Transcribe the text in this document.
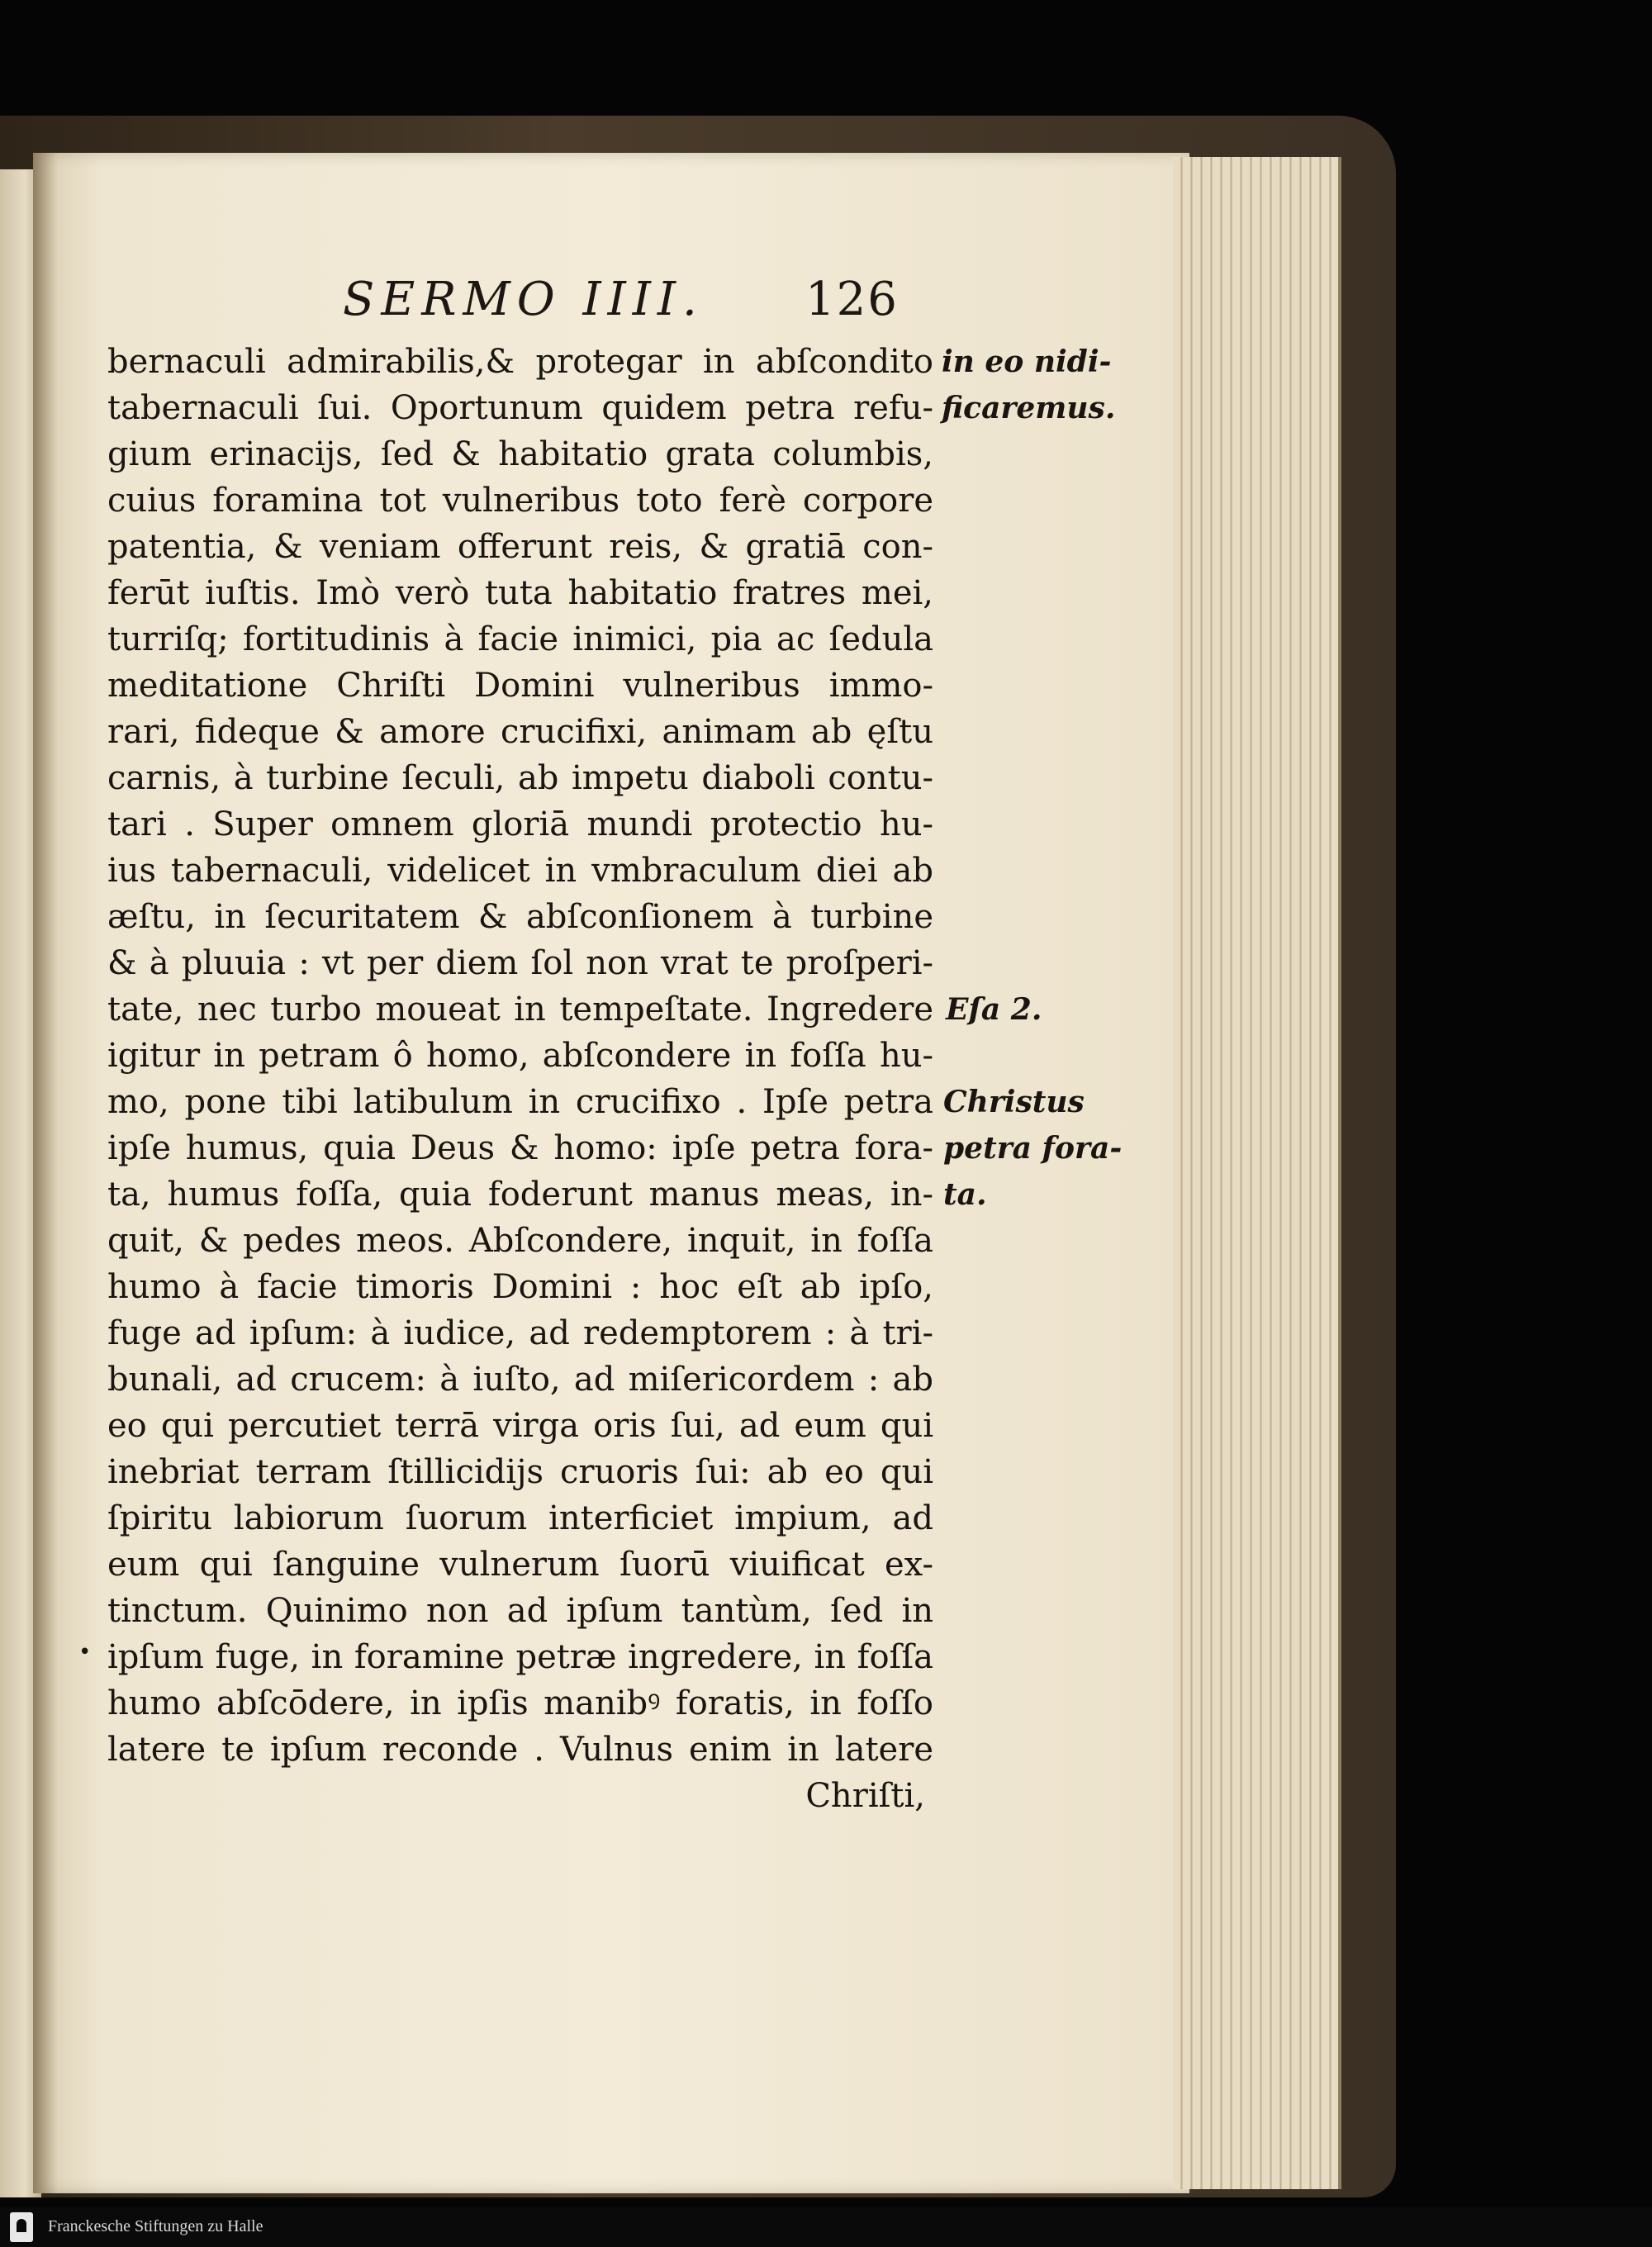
SERMO IIII. 126
bernaculi admirabilis,& protegar in abſcondito
tabernaculi ſui. Oportunum quidem petra refu-
gium erinacijs, ſed & habitatio grata columbis,
cuius foramina tot vulneribus toto ferè corpore
patentia, & veniam offerunt reis, & gratiā con-
ferūt iuſtis. Imò verò tuta habitatio fratres mei,
turriſq; fortitudinis à facie inimici, pia ac ſedula
meditatione Chriſti Domini vulneribus immo-
rari, fideque & amore crucifixi, animam ab ęſtu
carnis, à turbine ſeculi, ab impetu diaboli contu-
tari . Super omnem gloriā mundi protectio hu-
ius tabernaculi, videlicet in vmbraculum diei ab
æſtu, in ſecuritatem & abſconſionem à turbine
& à pluuia : vt per diem ſol non vrat te proſperi-
tate, nec turbo moueat in tempeſtate. Ingredere
igitur in petram ô homo, abſcondere in foſſa hu-
mo, pone tibi latibulum in crucifixo . Ipſe petra
ipſe humus, quia Deus & homo: ipſe petra fora-
ta, humus foſſa, quia foderunt manus meas, in-
quit, & pedes meos. Abſcondere, inquit, in foſſa
humo à facie timoris Domini : hoc eſt ab ipſo,
fuge ad ipſum: à iudice, ad redemptorem : à tri-
bunali, ad crucem: à iuſto, ad miſericordem : ab
eo qui percutiet terrā virga oris ſui, ad eum qui
inebriat terram ſtillicidijs cruoris ſui: ab eo qui
ſpiritu labiorum ſuorum interficiet impium, ad
eum qui ſanguine vulnerum ſuorū viuificat ex-
tinctum. Quinimo non ad ipſum tantùm, ſed in
ipſum fuge, in foramine petræ ingredere, in foſſa
humo abſcōdere, in ipſis manibꝰ foratis, in foſſo
latere te ipſum reconde . Vulnus enim in latere
Chriſti,
in eo nidi-
ficaremus.
Eſa 2.
Christus
petra fora-
ta.
•
Franckesche Stiftungen zu Halle
